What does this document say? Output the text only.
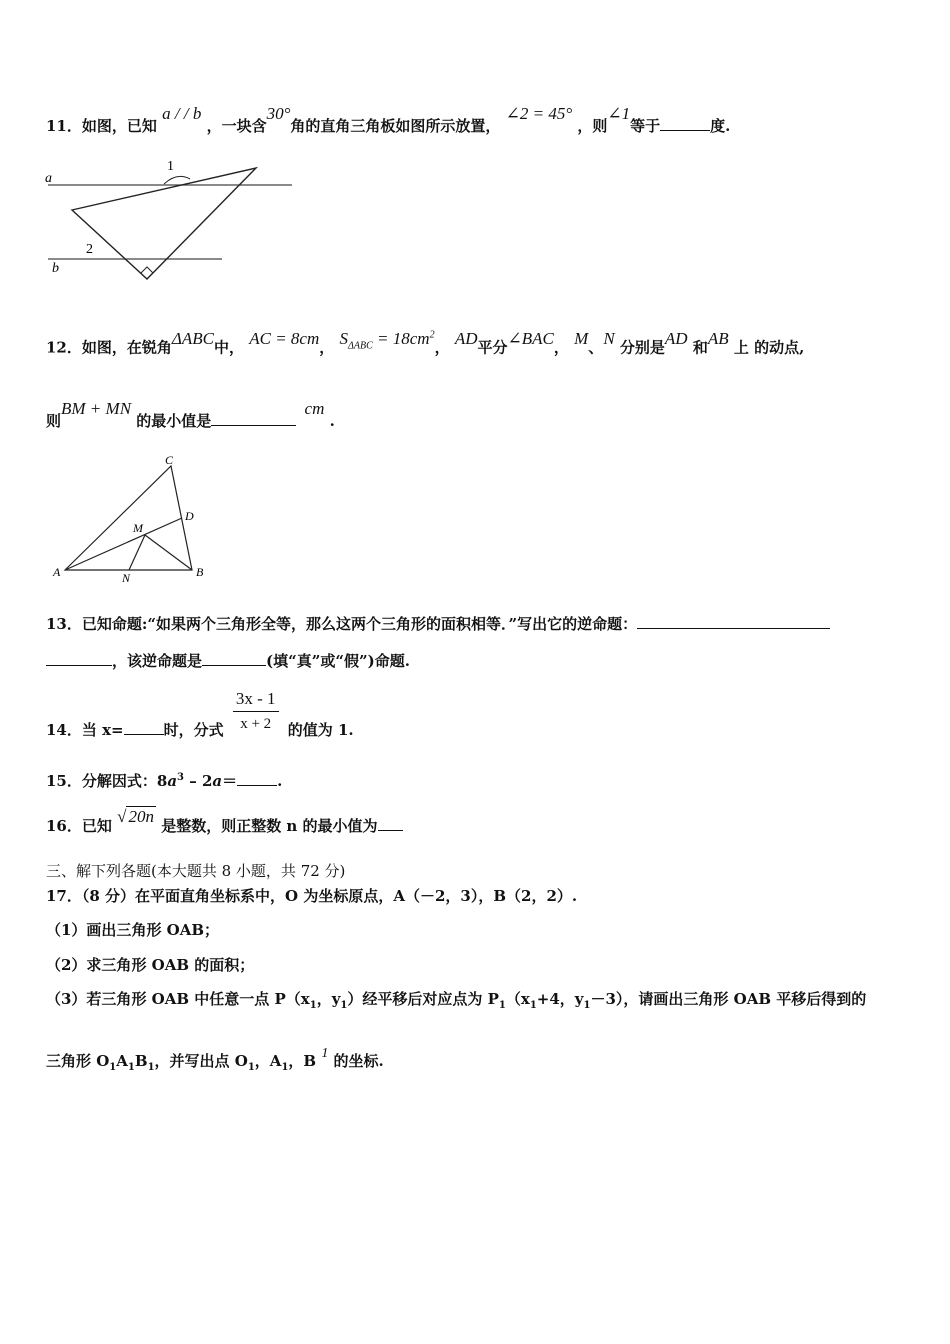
11．如图，已知 a / / b ，一块含30°角的直角三角板如图所示放置， ∠2 = 45° ，则∠1等于	度.
a
b
1
2
12．如图，在锐角ΔABC中， AC = 8cm， $S_{\Delta ABC} = 18cm^2$， AD平分∠BAC， M、N 分别是AD 和AB 上 的动点,
则BM + MN 的最小值是 cm .
C
D
M
A	N	B
13．已知命题:“如果两个三角形全等，那么这两个三角形的面积相等．”写出它的逆命题：
，该逆命题是	(填“真”或“假”)命题.
14．当 x=	时，分式 $\frac{3x - 1}{x + 2}$ 的值为 1.
15．分解因式：$8a^3 - 2a=$	.
16．已知 √ 20n 是整数，则正整数 n 的最小值为
三、解下列各题(本大题共 8 小题，共 72 分)
17．（8 分）在平面直角坐标系中，O 为坐标原点，A（－2，3），B（2，2）.
（1）画出三角形 OAB；
（2）求三角形 OAB 的面积；
（3）若三角形 OAB 中任意一点 $P(x_1$，$y_1$）经平移后对应点为 $P_1(x_1+4$，$y_1-3$），请画出三角形 OAB 平移后得到的
三角形 $O_1A_1B_1$，并写出点 $O_1$，$A_1$，B 1 的坐标.
